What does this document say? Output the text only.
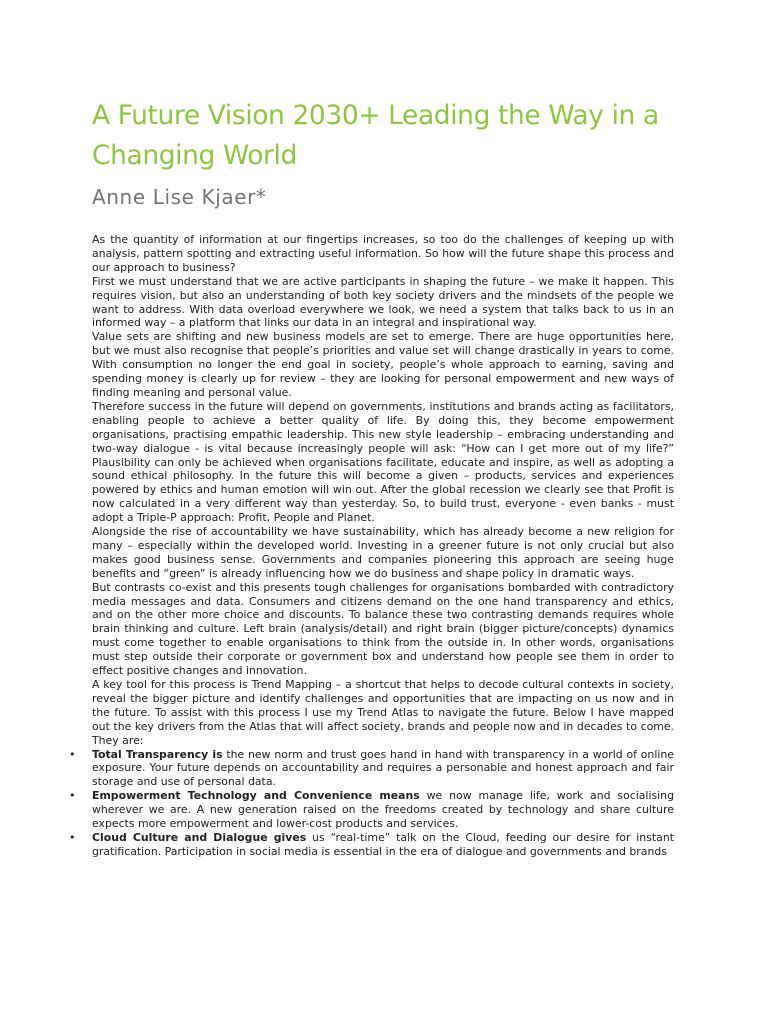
A Future Vision 2030+ Leading the Way in a Changing World
Anne Lise Kjaer*

As the quantity of information at our fingertips increases, so too do the challenges of keeping up with analysis, pattern spotting and extracting useful information. So how will the future shape this process and our approach to business?

First we must understand that we are active participants in shaping the future – we make it happen. This requires vision, but also an understanding of both key society drivers and the mindsets of the people we want to address. With data overload everywhere we look, we need a system that talks back to us in an informed way – a platform that links our data in an integral and inspirational way.

Value sets are shifting and new business models are set to emerge. There are huge opportunities here, but we must also recognise that people’s priorities and value set will change drastically in years to come. With consumption no longer the end goal in society, people’s whole approach to earning, saving and spending money is clearly up for review – they are looking for personal empowerment and new ways of finding meaning and personal value.

Therefore success in the future will depend on governments, institutions and brands acting as facilitators, enabling people to achieve a better quality of life. By doing this, they become empowerment organisations, practising empathic leadership. This new style leadership – embracing understanding and two-way dialogue - is vital because increasingly people will ask: “How can I get more out of my life?” Plausibility can only be achieved when organisations facilitate, educate and inspire, as well as adopting a sound ethical philosophy. In the future this will become a given – products, services and experiences powered by ethics and human emotion will win out. After the global recession we clearly see that Profit is now calculated in a very different way than yesterday. So, to build trust, everyone - even banks - must adopt a Triple-P approach: Profit, People and Planet.

Alongside the rise of accountability we have sustainability, which has already become a new religion for many – especially within the developed world. Investing in a greener future is not only crucial but also makes good business sense. Governments and companies pioneering this approach are seeing huge benefits and “green” is already influencing how we do business and shape policy in dramatic ways.

But contrasts co-exist and this presents tough challenges for organisations bombarded with contradictory media messages and data. Consumers and citizens demand on the one hand transparency and ethics, and on the other more choice and discounts. To balance these two contrasting demands requires whole brain thinking and culture. Left brain (analysis/detail) and right brain (bigger picture/concepts) dynamics must come together to enable organisations to think from the outside in. In other words, organisations must step outside their corporate or government box and understand how people see them in order to effect positive changes and innovation.

A key tool for this process is Trend Mapping – a shortcut that helps to decode cultural contexts in society, reveal the bigger picture and identify challenges and opportunities that are impacting on us now and in the future. To assist with this process I use my Trend Atlas to navigate the future. Below I have mapped out the key drivers from the Atlas that will affect society, brands and people now and in decades to come. They are:

• Total Transparency is the new norm and trust goes hand in hand with transparency in a world of online exposure. Your future depends on accountability and requires a personable and honest approach and fair storage and use of personal data.
• Empowerment Technology and Convenience means we now manage life, work and socialising wherever we are. A new generation raised on the freedoms created by technology and share culture expects more empowerment and lower-cost products and services.
• Cloud Culture and Dialogue gives us “real-time” talk on the Cloud, feeding our desire for instant gratification. Participation in social media is essential in the era of dialogue and governments and brands
